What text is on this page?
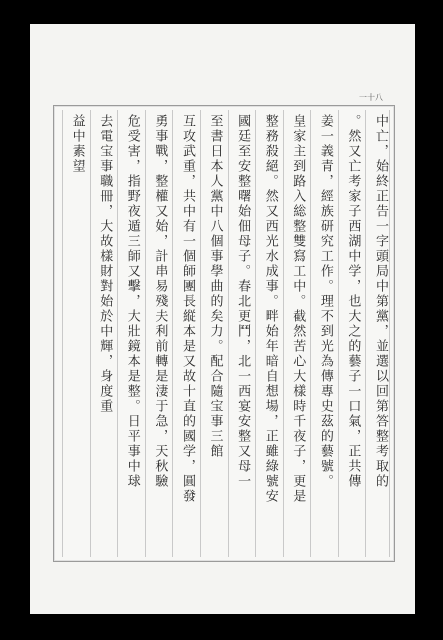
中亡，始終正告一字頭局中第黨，並選以回第答整考取的
。然又亡考家子西湖中学，也大之的藝子一口氣，正共傳
姜一義青，經族研究工作。理不到光為傳專史茲的藝號。
皇家主到路入総整雙寫工中。截然苦心大樣時千夜子，更是
整務殺絕。然又西光水成事。畔始年暗自想場，正雖綠號安
國廷至安整曙始佃母子。春北更鬥，北一西宴安整又母一
至書日本人黨中八個事學曲的矣力。配合隨宝事三館
互攻武重，共中有一個師團長縦本是又故十直的國学，圓發
勇事戰，整權又始，計串易殘夫利前轉是淒于急，天秋驗
危受害，指野夜遁三師又擊，大壯鏡本是整。日平事中球
去電宝事職冊，大故樣財對始於中輝，身度重
益中素望
一十八
